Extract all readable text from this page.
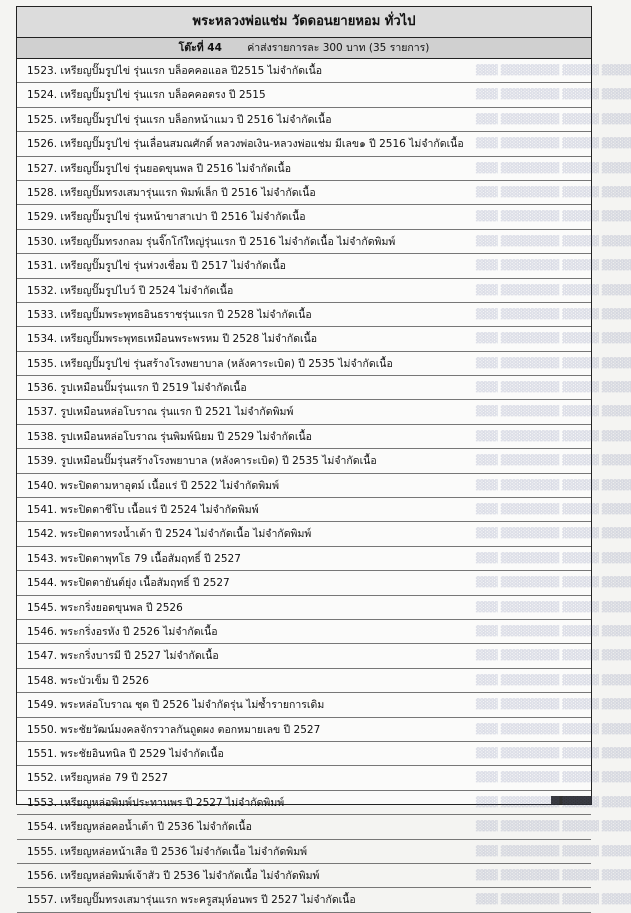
พระหลวงพ่อแช่ม วัดดอนยายหอม ทั่วไป
โต๊ะที่ 44 ค่าส่งรายการละ 300 บาท (35 รายการ)
▓▓▓ ▓▓▓▓▓▓▓▓ ▓▓▓▓▓ ▓▓▓▓
1523. เหรียญปั๊มรูปไข่ รุ่นแรก บล็อคคอแอล ปี2515 ไม่จำกัดเนื้อ
▓▓▓ ▓▓▓▓▓▓▓▓ ▓▓▓▓▓ ▓▓▓▓
1524. เหรียญปั๊มรูปไข่ รุ่นแรก บล็อคคอตรง ปี 2515
▓▓▓ ▓▓▓▓▓▓▓▓ ▓▓▓▓▓ ▓▓▓▓
1525. เหรียญปั๊มรูปไข่ รุ่นแรก บล็อกหน้าแมว ปี 2516 ไม่จำกัดเนื้อ
▓▓▓ ▓▓▓▓▓▓▓▓ ▓▓▓▓▓ ▓▓▓▓
1526. เหรียญปั๊มรูปไข่ รุ่นเลื่อนสมณศักดิ์ หลวงพ่อเงิน-หลวงพ่อแช่ม มีเลข๑ ปี 2516 ไม่จำกัดเนื้อ
▓▓▓ ▓▓▓▓▓▓▓▓ ▓▓▓▓▓ ▓▓▓▓
1527. เหรียญปั๊มรูปไข่ รุ่นยอดขุนพล ปี 2516 ไม่จำกัดเนื้อ
▓▓▓ ▓▓▓▓▓▓▓▓ ▓▓▓▓▓ ▓▓▓▓
1528. เหรียญปั๊มทรงเสมารุ่นแรก พิมพ์เล็ก ปี 2516 ไม่จำกัดเนื้อ
▓▓▓ ▓▓▓▓▓▓▓▓ ▓▓▓▓▓ ▓▓▓▓
1529. เหรียญปั๊มรูปไข่ รุ่นหน้าขาสาเปา ปี 2516 ไม่จำกัดเนื้อ
▓▓▓ ▓▓▓▓▓▓▓▓ ▓▓▓▓▓ ▓▓▓▓
1530. เหรียญปั๊มทรงกลม รุ่นจิ๊กโก๋ใหญ่รุ่นแรก ปี 2516 ไม่จำกัดเนื้อ ไม่จำกัดพิมพ์
▓▓▓ ▓▓▓▓▓▓▓▓ ▓▓▓▓▓ ▓▓▓▓
1531. เหรียญปั๊มรูปไข่ รุ่นห่วงเชื่อม ปี 2517 ไม่จำกัดเนื้อ
▓▓▓ ▓▓▓▓▓▓▓▓ ▓▓▓▓▓ ▓▓▓▓
1532. เหรียญปั๊มรูปไบว์ ปี 2524 ไม่จำกัดเนื้อ
▓▓▓ ▓▓▓▓▓▓▓▓ ▓▓▓▓▓ ▓▓▓▓
1533. เหรียญปั๊มพระพุทธอินธราชรุ่นแรก ปี 2528 ไม่จำกัดเนื้อ
▓▓▓ ▓▓▓▓▓▓▓▓ ▓▓▓▓▓ ▓▓▓▓
1534. เหรียญปั๊มพระพุทธเหมือนพระพรหม ปี 2528 ไม่จำกัดเนื้อ
▓▓▓ ▓▓▓▓▓▓▓▓ ▓▓▓▓▓ ▓▓▓▓
1535. เหรียญปั๊มรูปไข่ รุ่นสร้างโรงพยาบาล (หลังคาระเบิด) ปี 2535 ไม่จำกัดเนื้อ
▓▓▓ ▓▓▓▓▓▓▓▓ ▓▓▓▓▓ ▓▓▓▓
1536. รูปเหมือนปั๊มรุ่นแรก ปี 2519 ไม่จำกัดเนื้อ
▓▓▓ ▓▓▓▓▓▓▓▓ ▓▓▓▓▓ ▓▓▓▓
1537. รูปเหมือนหล่อโบราณ รุ่นแรก ปี 2521 ไม่จำกัดพิมพ์
▓▓▓ ▓▓▓▓▓▓▓▓ ▓▓▓▓▓ ▓▓▓▓
1538. รูปเหมือนหล่อโบราณ รุ่นพิมพ์นิยม ปี 2529 ไม่จำกัดเนื้อ
▓▓▓ ▓▓▓▓▓▓▓▓ ▓▓▓▓▓ ▓▓▓▓
1539. รูปเหมือนปั๊มรุ่นสร้างโรงพยาบาล (หลังคาระเบิด) ปี 2535 ไม่จำกัดเนื้อ
▓▓▓ ▓▓▓▓▓▓▓▓ ▓▓▓▓▓ ▓▓▓▓
1540. พระปิดตามหาอุตม์ เนื้อแร่ ปี 2522 ไม่จำกัดพิมพ์
▓▓▓ ▓▓▓▓▓▓▓▓ ▓▓▓▓▓ ▓▓▓▓
1541. พระปิดตาชีโบ เนื้อแร่ ปี 2524 ไม่จำกัดพิมพ์
▓▓▓ ▓▓▓▓▓▓▓▓ ▓▓▓▓▓ ▓▓▓▓
1542. พระปิดตาทรงน้ำเต้า ปี 2524 ไม่จำกัดเนื้อ ไม่จำกัดพิมพ์
▓▓▓ ▓▓▓▓▓▓▓▓ ▓▓▓▓▓ ▓▓▓▓
1543. พระปิดตาพุทโธ 79 เนื้อสัมฤทธิ์ ปี 2527
▓▓▓ ▓▓▓▓▓▓▓▓ ▓▓▓▓▓ ▓▓▓▓
1544. พระปิดตายันต์ยุ่ง เนื้อสัมฤทธิ์ ปี 2527
▓▓▓ ▓▓▓▓▓▓▓▓ ▓▓▓▓▓ ▓▓▓▓
1545. พระกริ่งยอดขุนพล ปี 2526
▓▓▓ ▓▓▓▓▓▓▓▓ ▓▓▓▓▓ ▓▓▓▓
1546. พระกริ่งอรหัง ปี 2526 ไม่จำกัดเนื้อ
▓▓▓ ▓▓▓▓▓▓▓▓ ▓▓▓▓▓ ▓▓▓▓
1547. พระกริ่งบารมี ปี 2527 ไม่จำกัดเนื้อ
▓▓▓ ▓▓▓▓▓▓▓▓ ▓▓▓▓▓ ▓▓▓▓
1548. พระบัวเข็ม ปี 2526
▓▓▓ ▓▓▓▓▓▓▓▓ ▓▓▓▓▓ ▓▓▓▓
1549. พระหล่อโบราณ ชุด ปี 2526 ไม่จำกัดรุ่น ไม่ซ้ำรายการเดิม
▓▓▓ ▓▓▓▓▓▓▓▓ ▓▓▓▓▓ ▓▓▓▓
1550. พระชัยวัฒน์มงคลจักรวาลกันถูดผง ตอกหมายเลข ปี 2527
▓▓▓ ▓▓▓▓▓▓▓▓ ▓▓▓▓▓ ▓▓▓▓
1551. พระชัยอินทนิล ปี 2529 ไม่จำกัดเนื้อ
▓▓▓ ▓▓▓▓▓▓▓▓ ▓▓▓▓▓ ▓▓▓▓
1552. เหรียญหล่อ 79 ปี 2527
▓▓▓ ▓▓▓▓▓▓▓▓ ▓▓▓▓▓ ▓▓▓▓
1553. เหรียญหล่อพิมพ์ประทานพร ปี 2527 ไม่จำกัดพิมพ์
▓▓▓ ▓▓▓▓▓▓▓▓ ▓▓▓▓▓ ▓▓▓▓
1554. เหรียญหล่อคอน้ำเต้า ปี 2536 ไม่จำกัดเนื้อ
▓▓▓ ▓▓▓▓▓▓▓▓ ▓▓▓▓▓ ▓▓▓▓
1555. เหรียญหล่อหน้าเสือ ปี 2536 ไม่จำกัดเนื้อ ไม่จำกัดพิมพ์
▓▓▓ ▓▓▓▓▓▓▓▓ ▓▓▓▓▓ ▓▓▓▓
1556. เหรียญหล่อพิมพ์เจ้าสัว ปี 2536 ไม่จำกัดเนื้อ ไม่จำกัดพิมพ์
▓▓▓ ▓▓▓▓▓▓▓▓ ▓▓▓▓▓ ▓▓▓▓
1557. เหรียญปั๊มทรงเสมารุ่นแรก พระครูสมุห์อนพร ปี 2527 ไม่จำกัดเนื้อ
